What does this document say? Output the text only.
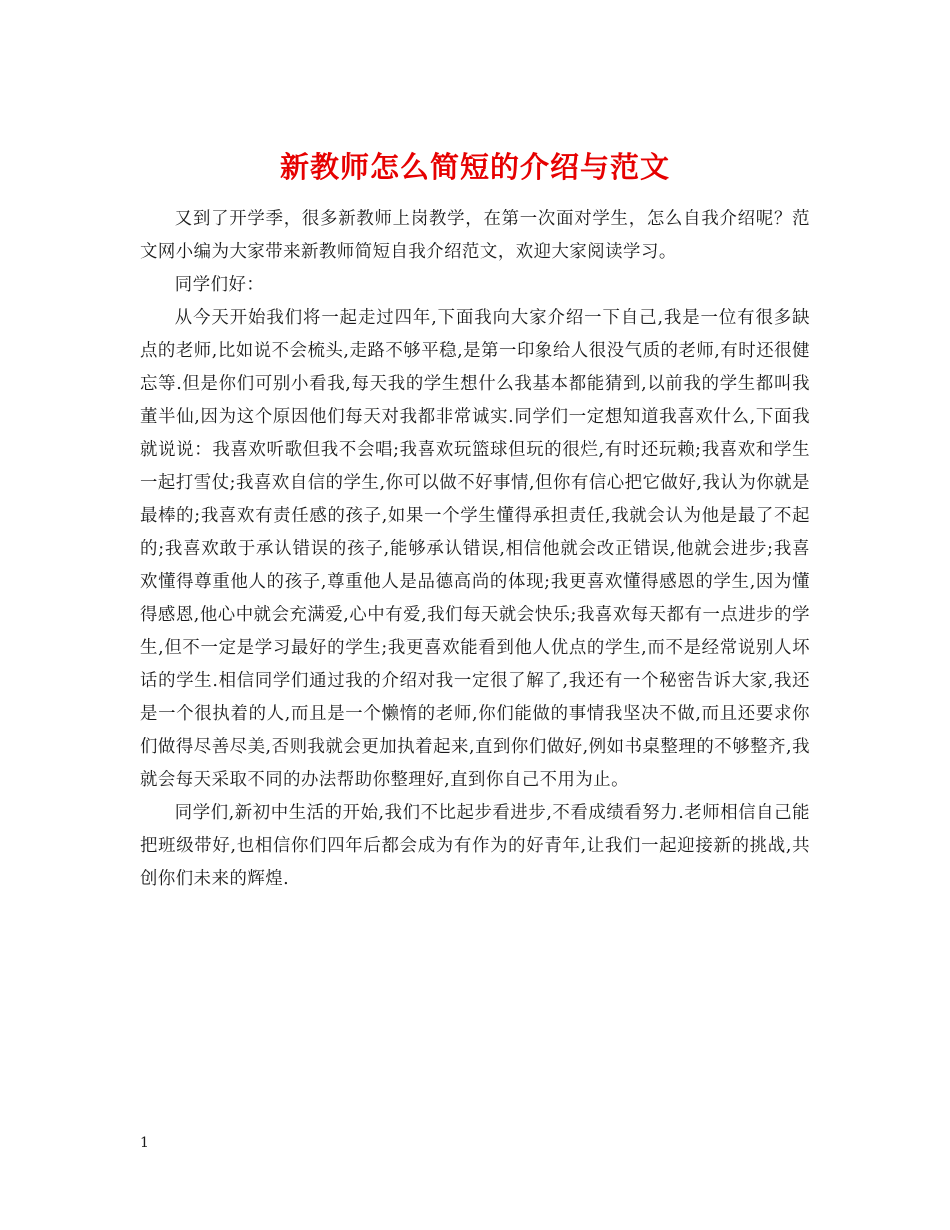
新教师怎么简短的介绍与范文

又到了开学季，很多新教师上岗教学，在第一次面对学生，怎么自我介绍呢？范文网小编为大家带来新教师简短自我介绍范文，欢迎大家阅读学习。

同学们好：

从今天开始我们将一起走过四年,下面我向大家介绍一下自己,我是一位有很多缺点的老师,比如说不会梳头,走路不够平稳,是第一印象给人很没气质的老师,有时还很健忘等.但是你们可别小看我,每天我的学生想什么我基本都能猜到,以前我的学生都叫我董半仙,因为这个原因他们每天对我都非常诚实.同学们一定想知道我喜欢什么,下面我就说说：我喜欢听歌但我不会唱;我喜欢玩篮球但玩的很烂,有时还玩赖;我喜欢和学生一起打雪仗;我喜欢自信的学生,你可以做不好事情,但你有信心把它做好,我认为你就是最棒的;我喜欢有责任感的孩子,如果一个学生懂得承担责任,我就会认为他是最了不起的;我喜欢敢于承认错误的孩子,能够承认错误,相信他就会改正错误,他就会进步;我喜欢懂得尊重他人的孩子,尊重他人是品德高尚的体现;我更喜欢懂得感恩的学生,因为懂得感恩,他心中就会充满爱,心中有爱,我们每天就会快乐;我喜欢每天都有一点进步的学生,但不一定是学习最好的学生;我更喜欢能看到他人优点的学生,而不是经常说别人坏话的学生.相信同学们通过我的介绍对我一定很了解了,我还有一个秘密告诉大家,我还是一个很执着的人,而且是一个懒惰的老师,你们能做的事情我坚决不做,而且还要求你们做得尽善尽美,否则我就会更加执着起来,直到你们做好,例如书桌整理的不够整齐,我就会每天采取不同的办法帮助你整理好,直到你自己不用为止。

同学们,新初中生活的开始,我们不比起步看进步,不看成绩看努力.老师相信自己能把班级带好,也相信你们四年后都会成为有作为的好青年,让我们一起迎接新的挑战,共创你们未来的辉煌.

1
